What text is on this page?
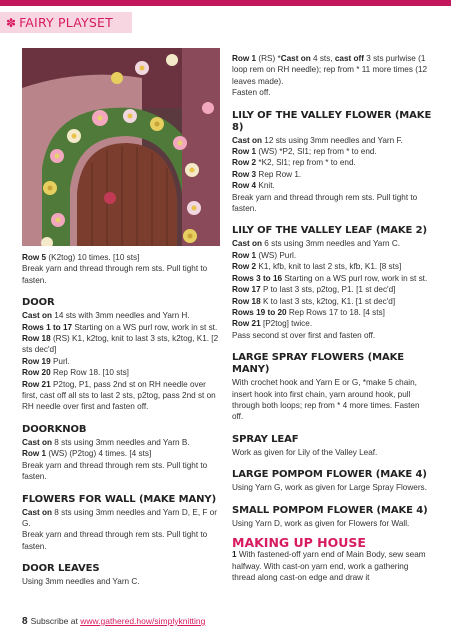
✽ FAIRY PLAYSET
Row 5 (K2tog) 10 times. [10 sts]
Break yarn and thread through rem sts. Pull tight to fasten.
DOOR
Cast on 14 sts with 3mm needles and Yarn H.
Rows 1 to 17 Starting on a WS purl row, work in st st.
Row 18 (RS) K1, k2tog, knit to last 3 sts, k2tog, K1. [2 sts dec'd]
Row 19 Purl.
Row 20 Rep Row 18. [10 sts]
Row 21 P2tog, P1, pass 2nd st on RH needle over first, cast off all sts to last 2 sts, p2tog, pass 2nd st on RH needle over first and fasten off.
DOORKNOB
Cast on 8 sts using 3mm needles and Yarn B.
Row 1 (WS) (P2tog) 4 times. [4 sts]
Break yarn and thread through rem sts. Pull tight to fasten.
FLOWERS FOR WALL (MAKE MANY)
Cast on 8 sts using 3mm needles and Yarn D, E, F or G.
Break yarn and thread through rem sts. Pull tight to fasten.
DOOR LEAVES
Using 3mm needles and Yarn C.
Row 1 (RS) *Cast on 4 sts, cast off 3 sts purlwise (1 loop rem on RH needle); rep from * 11 more times (12 leaves made).
Fasten off.
LILY OF THE VALLEY FLOWER (MAKE 8)
Cast on 12 sts using 3mm needles and Yarn F.
Row 1 (WS) *P2, Sl1; rep from * to end.
Row 2 *K2, Sl1; rep from * to end.
Row 3 Rep Row 1.
Row 4 Knit.
Break yarn and thread through rem sts. Pull tight to fasten.
LILY OF THE VALLEY LEAF (MAKE 2)
Cast on 6 sts using 3mm needles and Yarn C.
Row 1 (WS) Purl.
Row 2 K1, kfb, knit to last 2 sts, kfb, K1. [8 sts]
Rows 3 to 16 Starting on a WS purl row, work in st st.
Row 17 P to last 3 sts, p2tog, P1. [1 st dec'd]
Row 18 K to last 3 sts, k2tog, K1. [1 st dec'd]
Rows 19 to 20 Rep Rows 17 to 18. [4 sts]
Row 21 [P2tog] twice.
Pass second st over first and fasten off.
LARGE SPRAY FLOWERS (MAKE MANY)
With crochet hook and Yarn E or G, *make 5 chain, insert hook into first chain, yarn around hook, pull through both loops; rep from * 4 more times. Fasten off.
SPRAY LEAF
Work as given for Lily of the Valley Leaf.
LARGE POMPOM FLOWER (MAKE 4)
Using Yarn G, work as given for Large Spray Flowers.
SMALL POMPOM FLOWER (MAKE 4)
Using Yarn D, work as given for Flowers for Wall.
MAKING UP HOUSE
1 With fastened-off yarn end of Main Body, sew seam halfway. With cast-on yarn end, work a gathering thread along cast-on edge and draw it
8 Subscribe at www.gathered.how/simplyknitting
